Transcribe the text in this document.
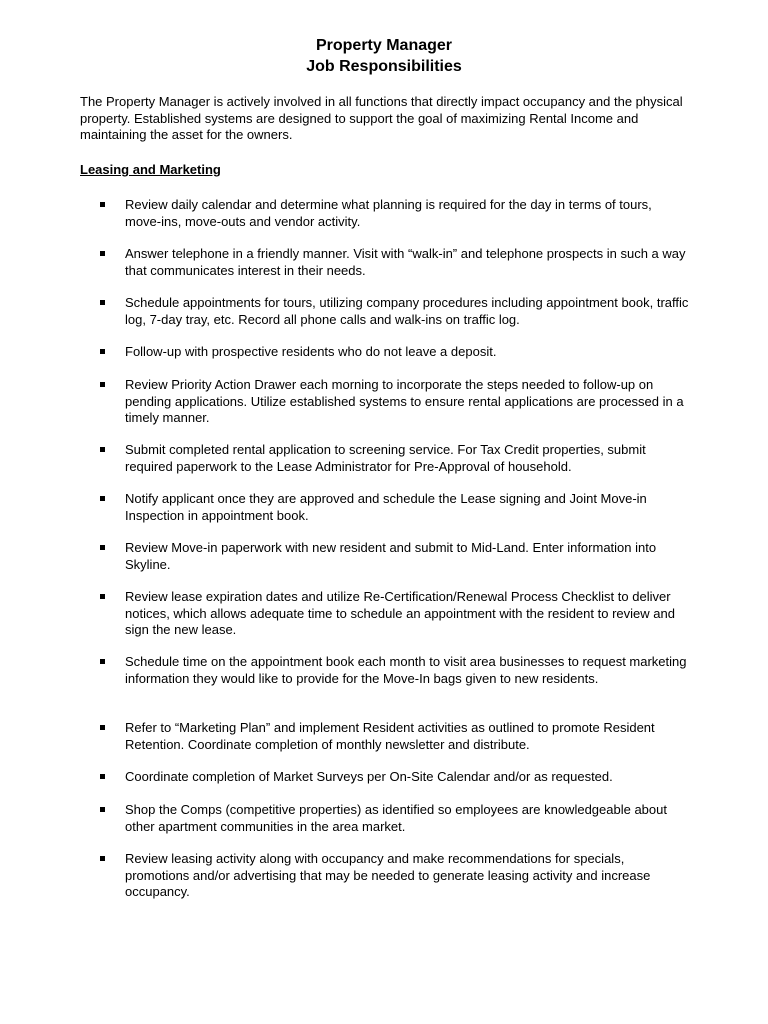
Property Manager
Job Responsibilities

The Property Manager is actively involved in all functions that directly impact occupancy and the physical property. Established systems are designed to support the goal of maximizing Rental Income and maintaining the asset for the owners.

Leasing and Marketing
Review daily calendar and determine what planning is required for the day in terms of tours, move-ins, move-outs and vendor activity.
Answer telephone in a friendly manner. Visit with “walk-in” and telephone prospects in such a way that communicates interest in their needs.
Schedule appointments for tours, utilizing company procedures including appointment book, traffic log, 7-day tray, etc. Record all phone calls and walk-ins on traffic log.
Follow-up with prospective residents who do not leave a deposit.
Review Priority Action Drawer each morning to incorporate the steps needed to follow-up on pending applications. Utilize established systems to ensure rental applications are processed in a timely manner.
Submit completed rental application to screening service. For Tax Credit properties, submit required paperwork to the Lease Administrator for Pre-Approval of household.
Notify applicant once they are approved and schedule the Lease signing and Joint Move-in Inspection in appointment book.
Review Move-in paperwork with new resident and submit to Mid-Land. Enter information into Skyline.
Review lease expiration dates and utilize Re-Certification/Renewal Process Checklist to deliver notices, which allows adequate time to schedule an appointment with the resident to review and sign the new lease.
Schedule time on the appointment book each month to visit area businesses to request marketing information they would like to provide for the Move-In bags given to new residents.
Refer to “Marketing Plan” and implement Resident activities as outlined to promote Resident Retention. Coordinate completion of monthly newsletter and distribute.
Coordinate completion of Market Surveys per On-Site Calendar and/or as requested.
Shop the Comps (competitive properties) as identified so employees are knowledgeable about other apartment communities in the area market.
Review leasing activity along with occupancy and make recommendations for specials, promotions and/or advertising that may be needed to generate leasing activity and increase occupancy.
